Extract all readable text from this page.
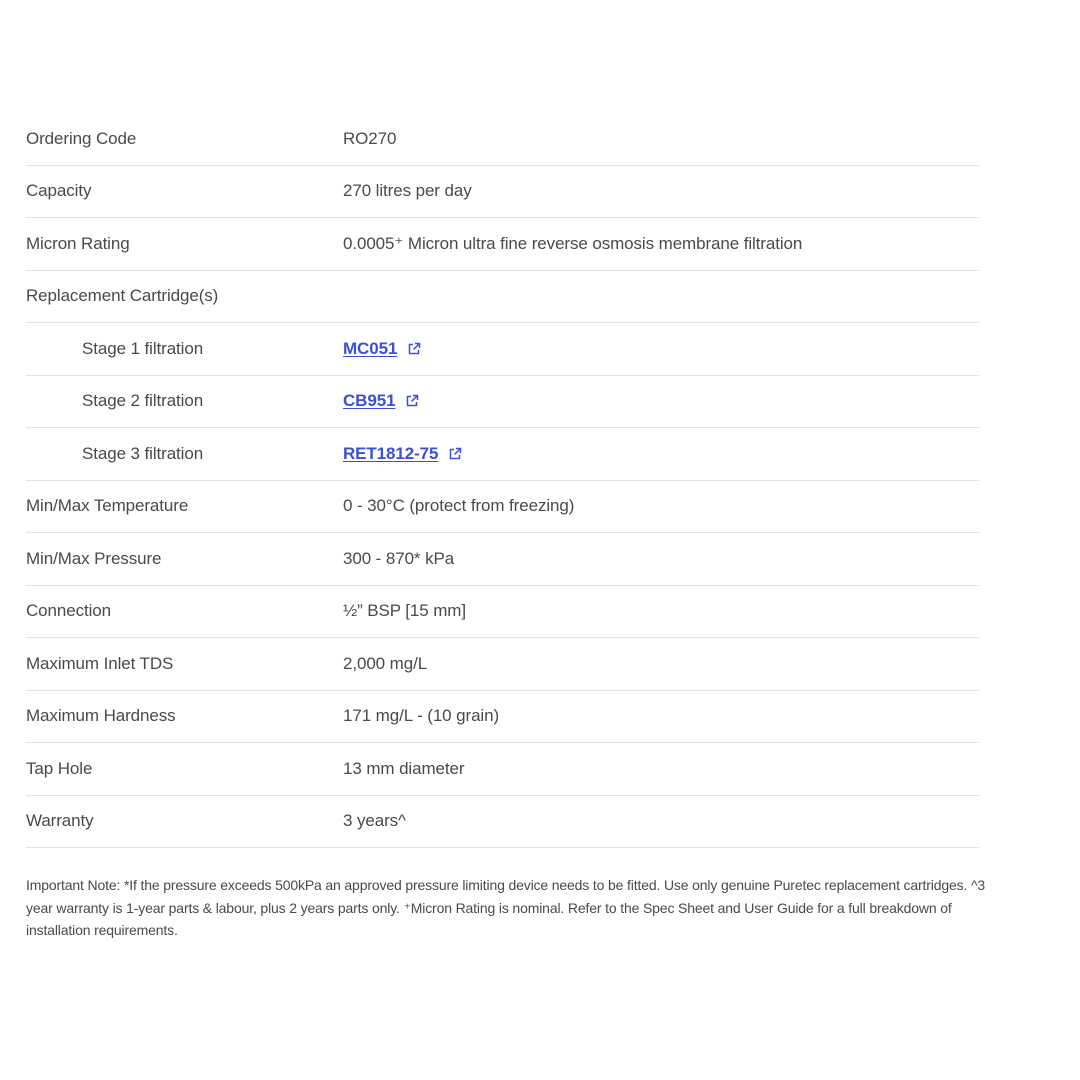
Ordering Code	RO270
Capacity	270 litres per day
Micron Rating	0.0005⁺ Micron ultra fine reverse osmosis membrane filtration
Replacement Cartridge(s)
Stage 1 filtration	MC051
Stage 2 filtration	CB951
Stage 3 filtration	RET1812-75
Min/Max Temperature	0 - 30°C (protect from freezing)
Min/Max Pressure	300 - 870* kPa
Connection	½” BSP [15 mm]
Maximum Inlet TDS	2,000 mg/L
Maximum Hardness	171 mg/L - (10 grain)
Tap Hole	13 mm diameter
Warranty	3 years^

Important Note: *If the pressure exceeds 500kPa an approved pressure limiting device needs to be fitted. Use only genuine Puretec replacement cartridges. ^3 year warranty is 1-year parts & labour, plus 2 years parts only. ⁺Micron Rating is nominal. Refer to the Spec Sheet and User Guide for a full breakdown of installation requirements.
